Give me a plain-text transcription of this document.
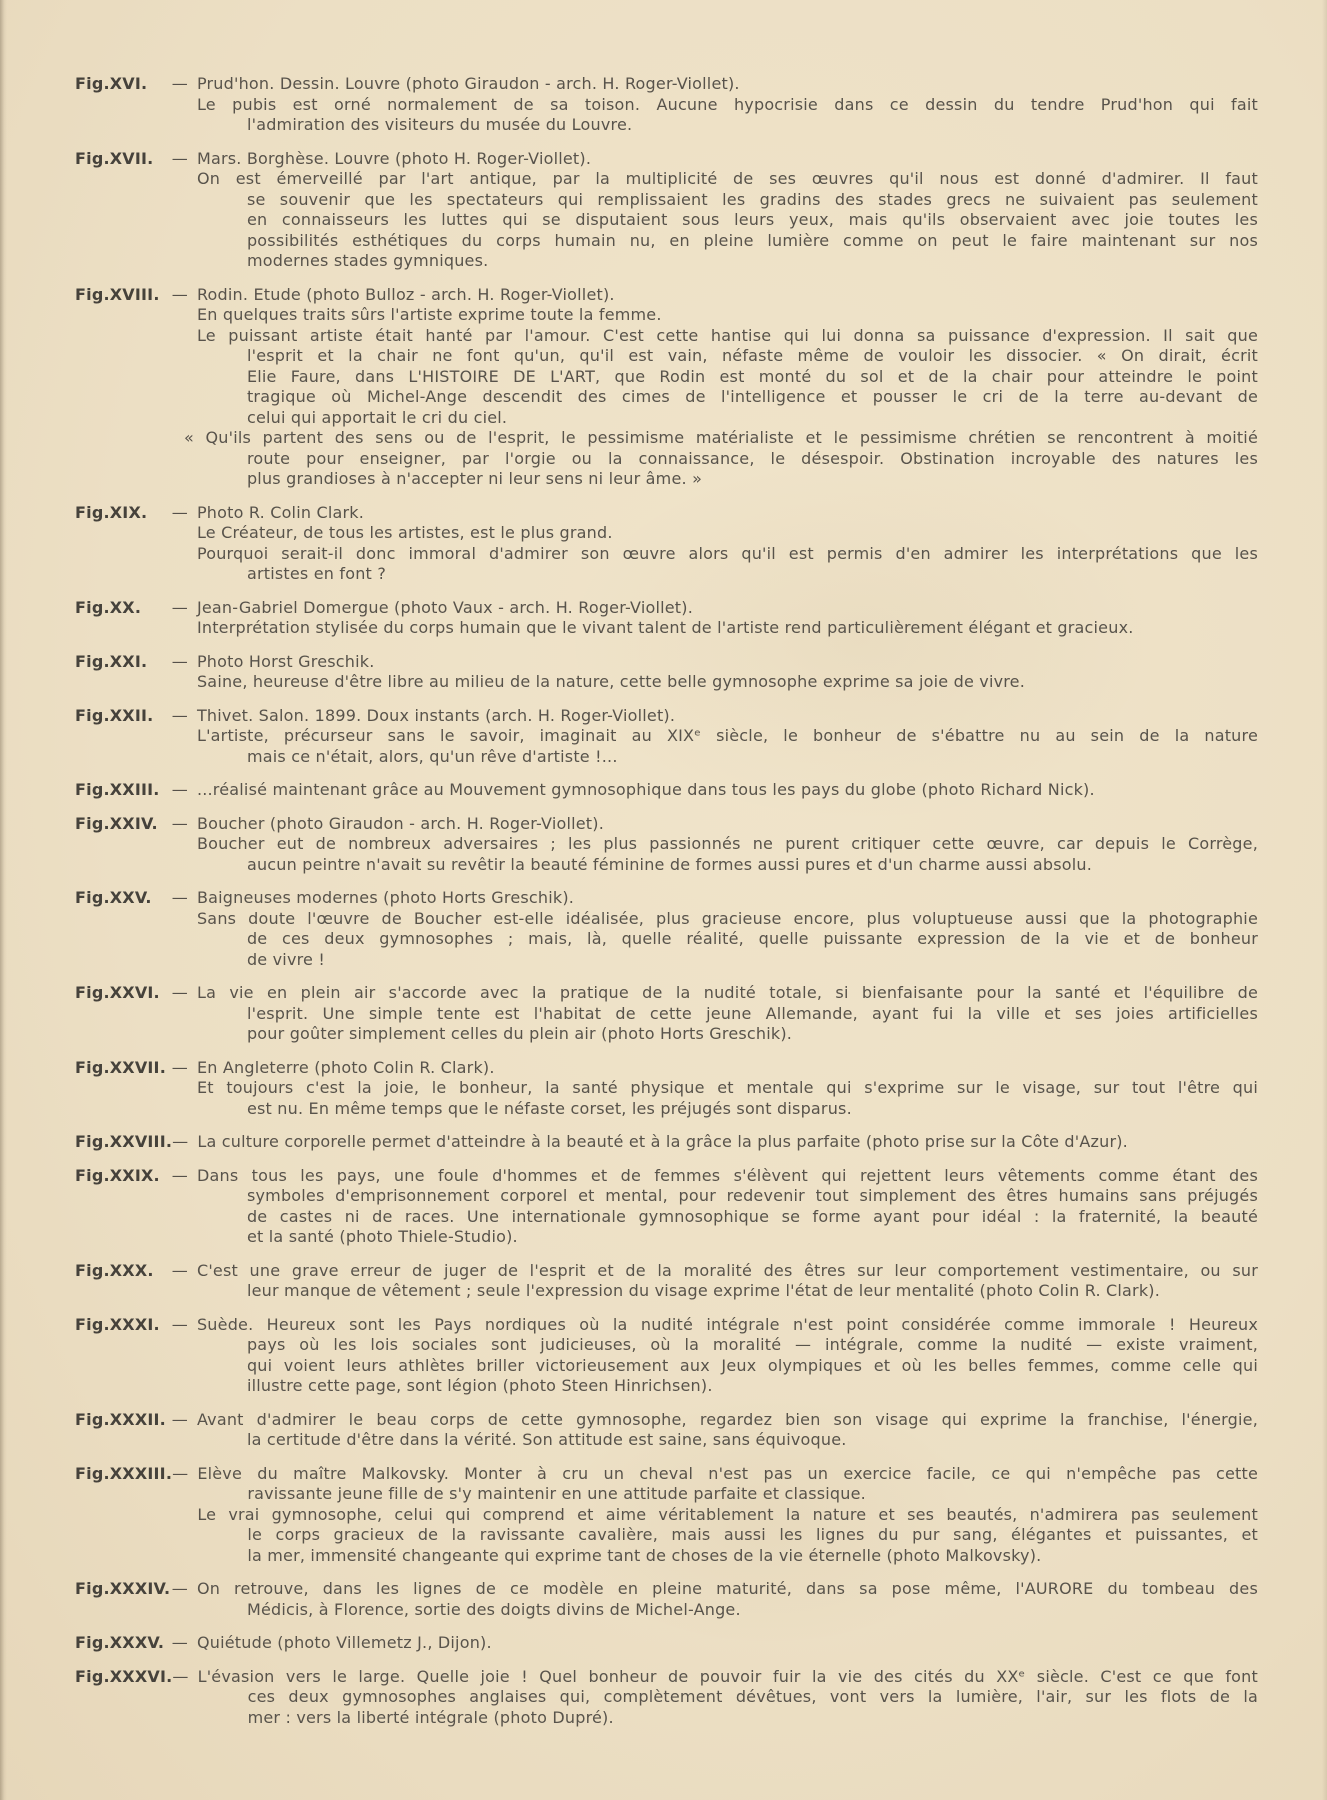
Fig. XVI.	— Prud'hon. Dessin. Louvre (photo Giraudon - arch. H. Roger-Viollet).
Le pubis est orné normalement de sa toison. Aucune hypocrisie dans ce dessin du tendre Prud'hon qui fait
l'admiration des visiteurs du musée du Louvre.
Fig. XVII.	— Mars. Borghèse. Louvre (photo H. Roger-Viollet).
On est émerveillé par l'art antique, par la multiplicité de ses œuvres qu'il nous est donné d'admirer. Il faut
se souvenir que les spectateurs qui remplissaient les gradins des stades grecs ne suivaient pas seulement
en connaisseurs les luttes qui se disputaient sous leurs yeux, mais qu'ils observaient avec joie toutes les
possibilités esthétiques du corps humain nu, en pleine lumière comme on peut le faire maintenant sur nos
modernes stades gymniques.
Fig. XVIII. — Rodin. Etude (photo Bulloz - arch. H. Roger-Viollet).
En quelques traits sûrs l'artiste exprime toute la femme.
Le puissant artiste était hanté par l'amour. C'est cette hantise qui lui donna sa puissance d'expression. Il sait que
l'esprit et la chair ne font qu'un, qu'il est vain, néfaste même de vouloir les dissocier. « On dirait, écrit
Elie Faure, dans L'HISTOIRE DE L'ART, que Rodin est monté du sol et de la chair pour atteindre le point
tragique où Michel-Ange descendit des cimes de l'intelligence et pousser le cri de la terre au-devant de
celui qui apportait le cri du ciel.
« Qu'ils partent des sens ou de l'esprit, le pessimisme matérialiste et le pessimisme chrétien se rencontrent à moitié
route pour enseigner, par l'orgie ou la connaissance, le désespoir. Obstination incroyable des natures les
plus grandioses à n'accepter ni leur sens ni leur âme. »
Fig. XIX.	— Photo R. Colin Clark.
Le Créateur, de tous les artistes, est le plus grand.
Pourquoi serait-il donc immoral d'admirer son œuvre alors qu'il est permis d'en admirer les interprétations que les
artistes en font ?
Fig. XX.	— Jean-Gabriel Domergue (photo Vaux - arch. H. Roger-Viollet).
Interprétation stylisée du corps humain que le vivant talent de l'artiste rend particulièrement élégant et gracieux.
Fig. XXI.	— Photo Horst Greschik.
Saine, heureuse d'être libre au milieu de la nature, cette belle gymnosophe exprime sa joie de vivre.
Fig. XXII.	— Thivet. Salon. 1899. Doux instants (arch. H. Roger-Viollet).
L'artiste, précurseur sans le savoir, imaginait au XIXᵉ siècle, le bonheur de s'ébattre nu au sein de la nature
mais ce n'était, alors, qu'un rêve d'artiste !...
Fig. XXIII. — ...réalisé maintenant grâce au Mouvement gymnosophique dans tous les pays du globe (photo Richard Nick).
Fig. XXIV. — Boucher (photo Giraudon - arch. H. Roger-Viollet).
Boucher eut de nombreux adversaires ; les plus passionnés ne purent critiquer cette œuvre, car depuis le Corrège,
aucun peintre n'avait su revêtir la beauté féminine de formes aussi pures et d'un charme aussi absolu.
Fig. XXV.	— Baigneuses modernes (photo Horts Greschik).
Sans doute l'œuvre de Boucher est-elle idéalisée, plus gracieuse encore, plus voluptueuse aussi que la photographie
de ces deux gymnosophes ; mais, là, quelle réalité, quelle puissante expression de la vie et de bonheur
de vivre !
Fig. XXVI. — La vie en plein air s'accorde avec la pratique de la nudité totale, si bienfaisante pour la santé et l'équilibre de
l'esprit. Une simple tente est l'habitat de cette jeune Allemande, ayant fui la ville et ses joies artificielles
pour goûter simplement celles du plein air (photo Horts Greschik).
Fig. XXVII. — En Angleterre (photo Colin R. Clark).
Et toujours c'est la joie, le bonheur, la santé physique et mentale qui s'exprime sur le visage, sur tout l'être qui
est nu. En même temps que le néfaste corset, les préjugés sont disparus.
Fig. XXVIII. — La culture corporelle permet d'atteindre à la beauté et à la grâce la plus parfaite (photo prise sur la Côte d'Azur).
Fig. XXIX. — Dans tous les pays, une foule d'hommes et de femmes s'élèvent qui rejettent leurs vêtements comme étant des
symboles d'emprisonnement corporel et mental, pour redevenir tout simplement des êtres humains sans préjugés
de castes ni de races. Une internationale gymnosophique se forme ayant pour idéal : la fraternité, la beauté
et la santé (photo Thiele-Studio).
Fig. XXX.	— C'est une grave erreur de juger de l'esprit et de la moralité des êtres sur leur comportement vestimentaire, ou sur
leur manque de vêtement ; seule l'expression du visage exprime l'état de leur mentalité (photo Colin R. Clark).
Fig. XXXI. — Suède. Heureux sont les Pays nordiques où la nudité intégrale n'est point considérée comme immorale ! Heureux
pays où les lois sociales sont judicieuses, où la moralité — intégrale, comme la nudité — existe vraiment,
qui voient leurs athlètes briller victorieusement aux Jeux olympiques et où les belles femmes, comme celle qui
illustre cette page, sont légion (photo Steen Hinrichsen).
Fig. XXXII. — Avant d'admirer le beau corps de cette gymnosophe, regardez bien son visage qui exprime la franchise, l'énergie,
la certitude d'être dans la vérité. Son attitude est saine, sans équivoque.
Fig. XXXIII. — Elève du maître Malkovsky. Monter à cru un cheval n'est pas un exercice facile, ce qui n'empêche pas cette
ravissante jeune fille de s'y maintenir en une attitude parfaite et classique.
Le vrai gymnosophe, celui qui comprend et aime véritablement la nature et ses beautés, n'admirera pas seulement
le corps gracieux de la ravissante cavalière, mais aussi les lignes du pur sang, élégantes et puissantes, et
la mer, immensité changeante qui exprime tant de choses de la vie éternelle (photo Malkovsky).
Fig. XXXIV. — On retrouve, dans les lignes de ce modèle en pleine maturité, dans sa pose même, l'AURORE du tombeau des
Médicis, à Florence, sortie des doigts divins de Michel-Ange.
Fig. XXXV. — Quiétude (photo Villemetz J., Dijon).
Fig. XXXVI. — L'évasion vers le large. Quelle joie ! Quel bonheur de pouvoir fuir la vie des cités du XXᵉ siècle. C'est ce que font
ces deux gymnosophes anglaises qui, complètement dévêtues, vont vers la lumière, l'air, sur les flots de la
mer : vers la liberté intégrale (photo Dupré).
